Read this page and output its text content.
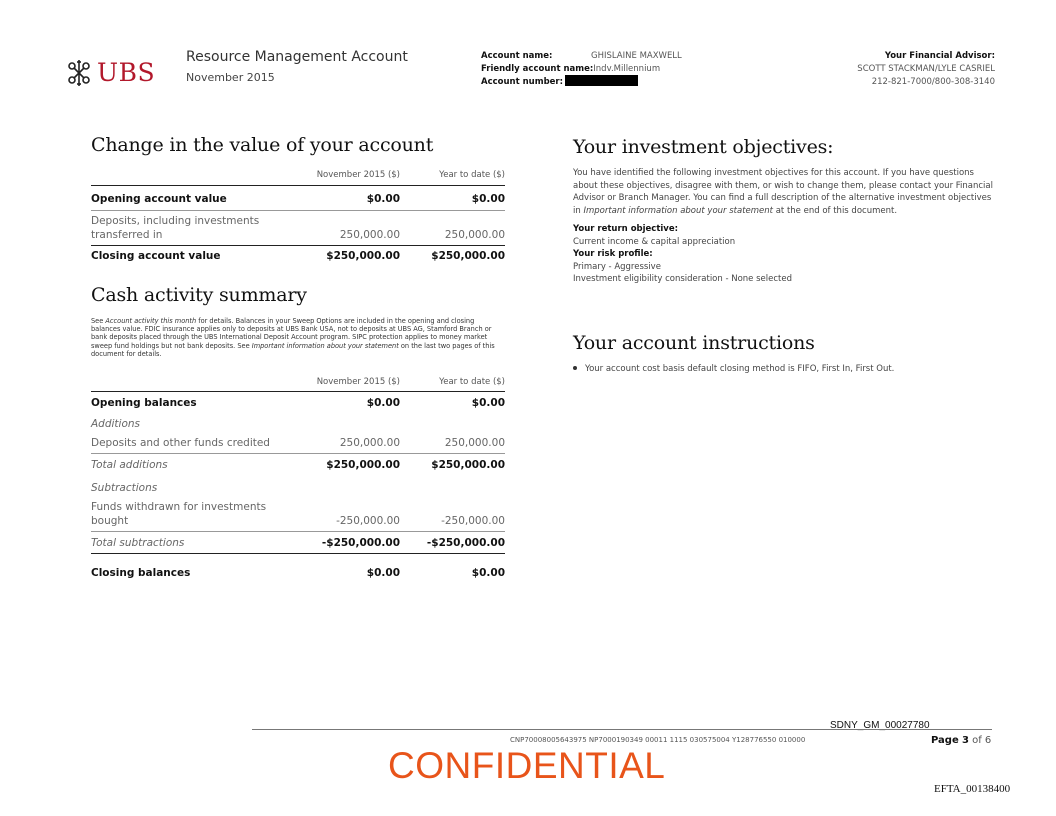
UBS
Resource Management Account
November 2015
Account name:	GHISLAINE MAXWELL
Friendly account name:Indv.Millennium
Account number:
Your Financial Advisor:
SCOTT STACKMAN/LYLE CASRIEL
212-821-7000/800-308-3140
Change in the value of your account
November 2015 ($)	Year to date ($)
Opening account value	$0.00	$0.00
Deposits, including investments
transferred in	250,000.00	250,000.00
Closing account value	$250,000.00	$250,000.00
Cash activity summary
See Account activity this month for details. Balances in your Sweep Options are included in the opening and closing balances value. FDIC insurance applies only to deposits at UBS Bank USA, not to deposits at UBS AG, Stamford Branch or bank deposits placed through the UBS International Deposit Account program. SIPC protection applies to money market sweep fund holdings but not bank deposits. See Important information about your statement on the last two pages of this document for details.
November 2015 ($)	Year to date ($)
Opening balances	$0.00	$0.00
Additions
Deposits and other funds credited	250,000.00	250,000.00
Total additions	$250,000.00	$250,000.00
Subtractions
Funds withdrawn for investments
bought	-250,000.00	-250,000.00
Total subtractions	-$250,000.00	-$250,000.00
Closing balances	$0.00	$0.00
Your investment objectives:
You have identified the following investment objectives for this account. If you have questions about these objectives, disagree with them, or wish to change them, please contact your Financial Advisor or Branch Manager. You can find a full description of the alternative investment objectives in Important information about your statement at the end of this document.
Your return objective:
Current income & capital appreciation
Your risk profile:
Primary - Aggressive
Investment eligibility consideration - None selected
Your account instructions
Your account cost basis default closing method is FIFO, First In, First Out.
SDNY_GM_00027780
CNP70008005643975 NP7000190349 00011 1115 030575004 Y128776550 010000	Page 3 of 6
CONFIDENTIAL
EFTA_00138400
